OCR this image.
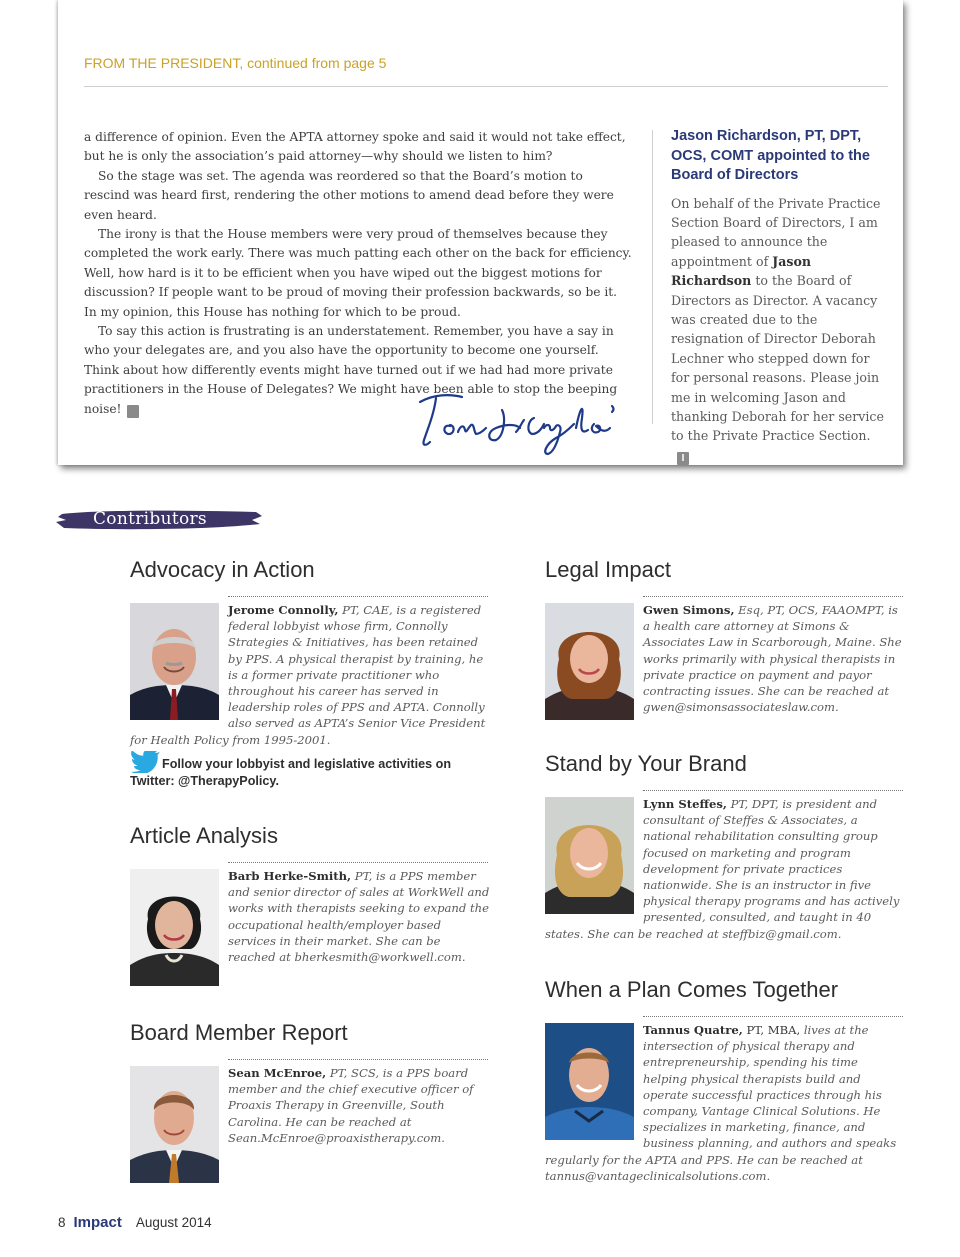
FROM THE PRESIDENT, continued from page 5

a difference of opinion. Even the APTA attorney spoke and said it would not take effect, but he is only the association’s paid attorney—why should we listen to him?

So the stage was set. The agenda was reordered so that the Board’s motion to rescind was heard first, rendering the other motions to amend dead before they were even heard.

The irony is that the House members were very proud of themselves because they completed the work early. There was much patting each other on the back for efficiency. Well, how hard is it to be efficient when you have wiped out the biggest motions for discussion? If people want to be proud of moving their profession backwards, so be it. In my opinion, this House has nothing for which to be proud.

To say this action is frustrating is an understatement. Remember, you have a say in who your delegates are, and you also have the opportunity to become one yourself. Think about how differently events might have turned out if we had had more private practitioners in the House of Delegates? We might have been able to stop the beeping noise! I

Jason Richardson, PT, DPT, OCS, COMT appointed to the Board of Directors
On behalf of the Private Practice Section Board of Directors, I am pleased to announce the appointment of Jason Richardson to the Board of Directors as Director. A vacancy was created due to the resignation of Director Deborah Lechner who stepped down for for personal reasons. Please join me in welcoming Jason and thanking Deborah for her service to the Private Practice Section.I
Contributors
Advocacy in Action
Jerome Connolly, PT, CAE, is a registered federal lobbyist whose firm, Connolly Strategies & Initiatives, has been retained by PPS. A physical therapist by training, he is a former private practitioner who throughout his career has served in leadership roles of PPS and APTA. Connolly also served as APTA’s Senior Vice President for Health Policy from 1995-2001.
Follow your lobbyist and legislative activities on Twitter: @TherapyPolicy.
Article Analysis
Barb Herke-Smith, PT, is a PPS member and senior director of sales at WorkWell and works with therapists seeking to expand the occupational health/employer based services in their market. She can be reached at bherkesmith@workwell.com.
Board Member Report
Sean McEnroe, PT, SCS, is a PPS board member and the chief executive officer of Proaxis Therapy in Greenville, South Carolina. He can be reached at Sean.McEnroe@proaxistherapy.com.
Legal Impact
Gwen Simons, Esq, PT, OCS, FAAOMPT, is a health care attorney at Simons & Associates Law in Scarborough, Maine. She works primarily with physical therapists in private practice on payment and payor contracting issues. She can be reached at gwen@simonsassociateslaw.com.
Stand by Your Brand
Lynn Steffes, PT, DPT, is president and consultant of Steffes & Associates, a national rehabilitation consulting group focused on marketing and program development for private practices nationwide. She is an instructor in five physical therapy programs and has actively presented, consulted, and taught in 40 states. She can be reached at steffbiz@gmail.com.
When a Plan Comes Together
Tannus Quatre, PT, MBA, lives at the intersection of physical therapy and entrepreneurship, spending his time helping physical therapists build and operate successful practices through his company, Vantage Clinical Solutions. He specializes in marketing, finance, and business planning, and authors and speaks regularly for the APTA and PPS. He can be reached at tannus@vantageclinicalsolutions.com.
8 Impact August 2014
